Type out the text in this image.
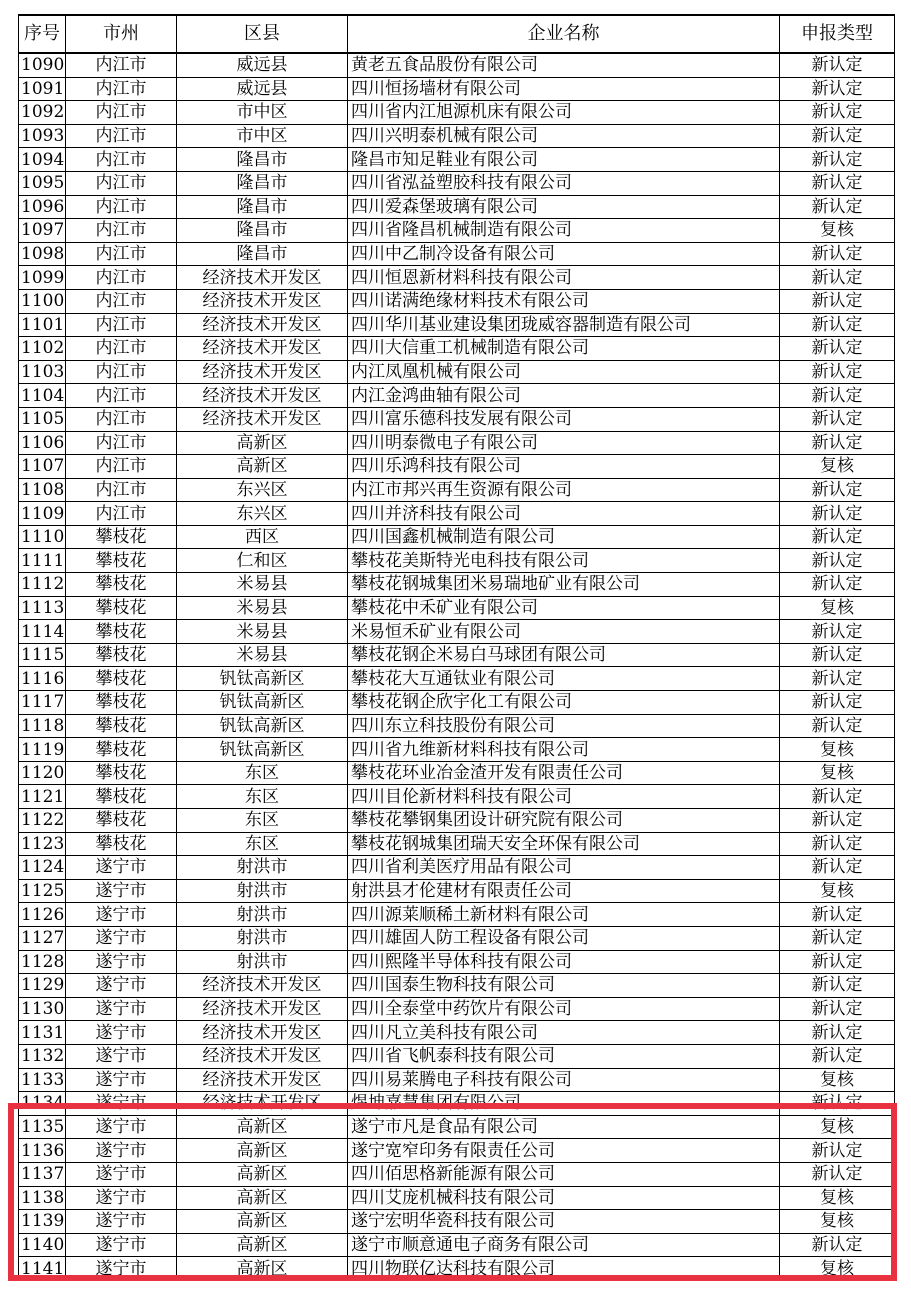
序号	市州	区县	企业名称	申报类型
1090	内江市	威远县	黄老五食品股份有限公司	新认定
1091	内江市	威远县	四川恒扬墙材有限公司	新认定
1092	内江市	市中区	四川省内江旭源机床有限公司	新认定
1093	内江市	市中区	四川兴明泰机械有限公司	新认定
1094	内江市	隆昌市	隆昌市知足鞋业有限公司	新认定
1095	内江市	隆昌市	四川省泓益塑胶科技有限公司	新认定
1096	内江市	隆昌市	四川爱森堡玻璃有限公司	新认定
1097	内江市	隆昌市	四川省隆昌机械制造有限公司	复核
1098	内江市	隆昌市	四川中乙制冷设备有限公司	新认定
1099	内江市	经济技术开发区	四川恒恩新材料科技有限公司	新认定
1100	内江市	经济技术开发区	四川诺满绝缘材料技术有限公司	新认定
1101	内江市	经济技术开发区	四川华川基业建设集团珑威容器制造有限公司	新认定
1102	内江市	经济技术开发区	四川大信重工机械制造有限公司	新认定
1103	内江市	经济技术开发区	内江凤凰机械有限公司	新认定
1104	内江市	经济技术开发区	内江金鸿曲轴有限公司	新认定
1105	内江市	经济技术开发区	四川富乐德科技发展有限公司	新认定
1106	内江市	高新区	四川明泰微电子有限公司	新认定
1107	内江市	高新区	四川乐鸿科技有限公司	复核
1108	内江市	东兴区	内江市邦兴再生资源有限公司	新认定
1109	内江市	东兴区	四川并济科技有限公司	新认定
1110	攀枝花	西区	四川国鑫机械制造有限公司	新认定
1111	攀枝花	仁和区	攀枝花美斯特光电科技有限公司	新认定
1112	攀枝花	米易县	攀枝花钢城集团米易瑞地矿业有限公司	新认定
1113	攀枝花	米易县	攀枝花中禾矿业有限公司	复核
1114	攀枝花	米易县	米易恒禾矿业有限公司	新认定
1115	攀枝花	米易县	攀枝花钢企米易白马球团有限公司	新认定
1116	攀枝花	钒钛高新区	攀枝花大互通钛业有限公司	新认定
1117	攀枝花	钒钛高新区	攀枝花钢企欣宇化工有限公司	新认定
1118	攀枝花	钒钛高新区	四川东立科技股份有限公司	新认定
1119	攀枝花	钒钛高新区	四川省九维新材料科技有限公司	复核
1120	攀枝花	东区	攀枝花环业冶金渣开发有限责任公司	复核
1121	攀枝花	东区	四川目伦新材料科技有限公司	新认定
1122	攀枝花	东区	攀枝花攀钢集团设计研究院有限公司	新认定
1123	攀枝花	东区	攀枝花钢城集团瑞天安全环保有限公司	新认定
1124	遂宁市	射洪市	四川省利美医疗用品有限公司	新认定
1125	遂宁市	射洪市	射洪县才伦建材有限责任公司	复核
1126	遂宁市	射洪市	四川源莱顺稀土新材料有限公司	新认定
1127	遂宁市	射洪市	四川雄固人防工程设备有限公司	新认定
1128	遂宁市	射洪市	四川熙隆半导体科技有限公司	新认定
1129	遂宁市	经济技术开发区	四川国泰生物科技有限公司	新认定
1130	遂宁市	经济技术开发区	四川全泰堂中药饮片有限公司	新认定
1131	遂宁市	经济技术开发区	四川凡立美科技有限公司	新认定
1132	遂宁市	经济技术开发区	四川省飞帆泰科技有限公司	新认定
1133	遂宁市	经济技术开发区	四川易莱腾电子科技有限公司	复核
1134	遂宁市	经济技术开发区	煜坤嘉慧集团有限公司	新认定
1135	遂宁市	高新区	遂宁市凡是食品有限公司	复核
1136	遂宁市	高新区	遂宁宽窄印务有限责任公司	新认定
1137	遂宁市	高新区	四川佰思格新能源有限公司	新认定
1138	遂宁市	高新区	四川艾庞机械科技有限公司	复核
1139	遂宁市	高新区	遂宁宏明华瓷科技有限公司	复核
1140	遂宁市	高新区	遂宁市顺意通电子商务有限公司	新认定
1141	遂宁市	高新区	四川物联亿达科技有限公司	复核
